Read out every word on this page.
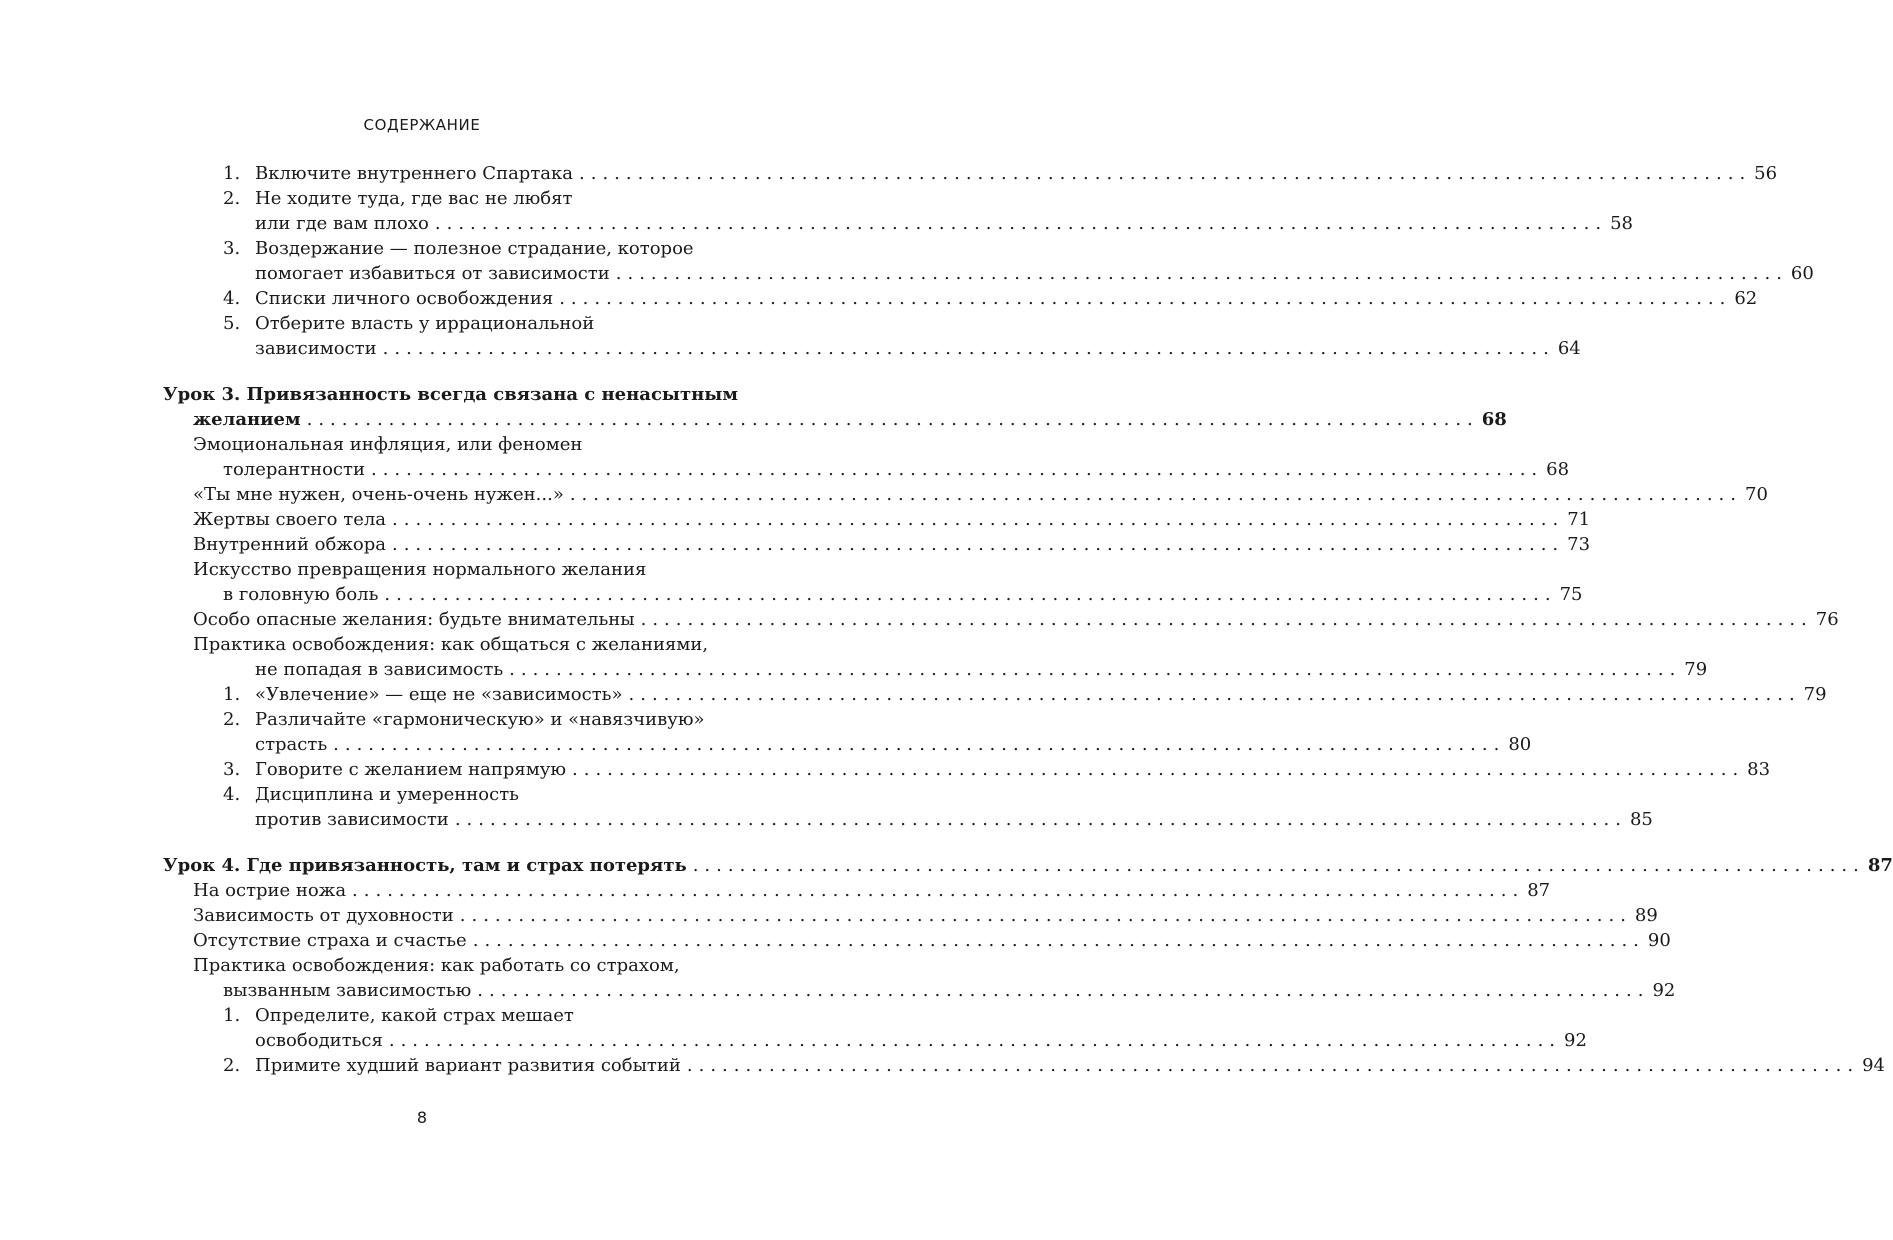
СОДЕРЖАНИЕ
1. Включите внутреннего Спартака .................................................................................................... 56
2. Не ходите туда, где вас не любят
или где вам плохо .................................................................................................... 58
3. Воздержание — полезное страдание, которое
помогает избавиться от зависимости .................................................................................................... 60
4. Списки личного освобождения .................................................................................................... 62
5. Отберите власть у иррациональной
зависимости .................................................................................................... 64
Урок 3. Привязанность всегда связана с ненасытным
желанием .................................................................................................... 68
Эмоциональная инфляция, или феномен
толерантности .................................................................................................... 68
«Ты мне нужен, очень-очень нужен...» .................................................................................................... 70
Жертвы своего тела .................................................................................................... 71
Внутренний обжора .................................................................................................... 73
Искусство превращения нормального желания
в головную боль .................................................................................................... 75
Особо опасные желания: будьте внимательны .................................................................................................... 76
Практика освобождения: как общаться с желаниями,
не попадая в зависимость .................................................................................................... 79
1. «Увлечение» — еще не «зависимость» .................................................................................................... 79
2. Различайте «гармоническую» и «навязчивую»
страсть .................................................................................................... 80
3. Говорите с желанием напрямую .................................................................................................... 83
4. Дисциплина и умеренность
против зависимости .................................................................................................... 85
Урок 4. Где привязанность, там и страх потерять .................................................................................................... 87
На острие ножа .................................................................................................... 87
Зависимость от духовности .................................................................................................... 89
Отсутствие страха и счастье .................................................................................................... 90
Практика освобождения: как работать со страхом,
вызванным зависимостью .................................................................................................... 92
1. Определите, какой страх мешает
освободиться .................................................................................................... 92
2. Примите худший вариант развития событий .................................................................................................... 94
8
